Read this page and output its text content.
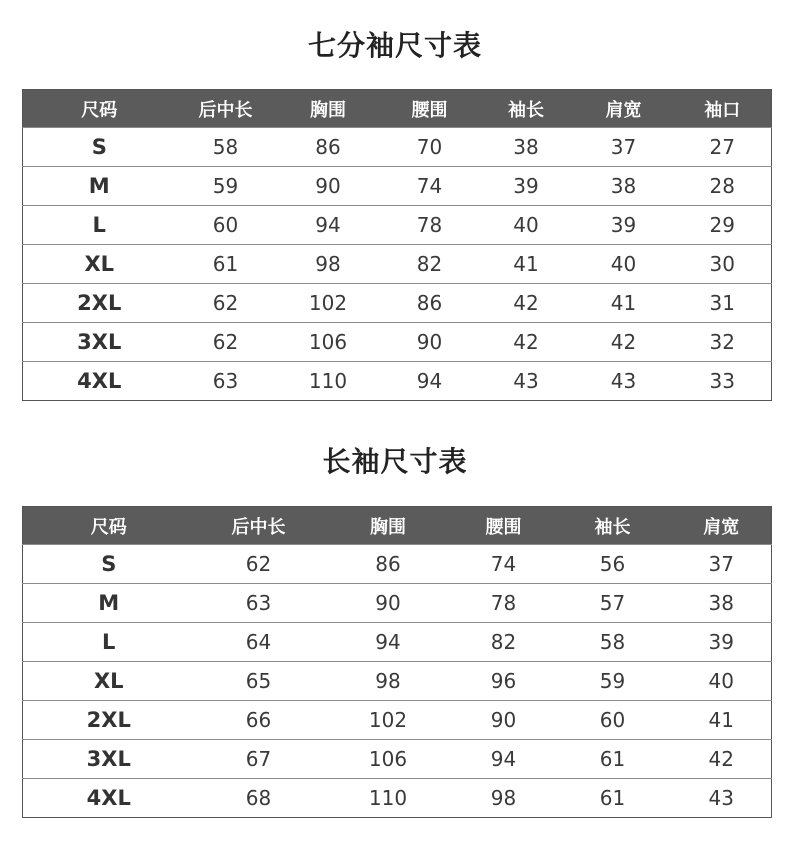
七分袖尺寸表
尺码	后中长	胸围	腰围	袖长	肩宽	袖口
S	58	86	70	38	37	27
M	59	90	74	39	38	28
L	60	94	78	40	39	29
XL	61	98	82	41	40	30
2XL	62	102	86	42	41	31
3XL	62	106	90	42	42	32
4XL	63	110	94	43	43	33
长袖尺寸表
尺码	后中长	胸围	腰围	袖长	肩宽
S	62	86	74	56	37
M	63	90	78	57	38
L	64	94	82	58	39
XL	65	98	96	59	40
2XL	66	102	90	60	41
3XL	67	106	94	61	42
4XL	68	110	98	61	43
